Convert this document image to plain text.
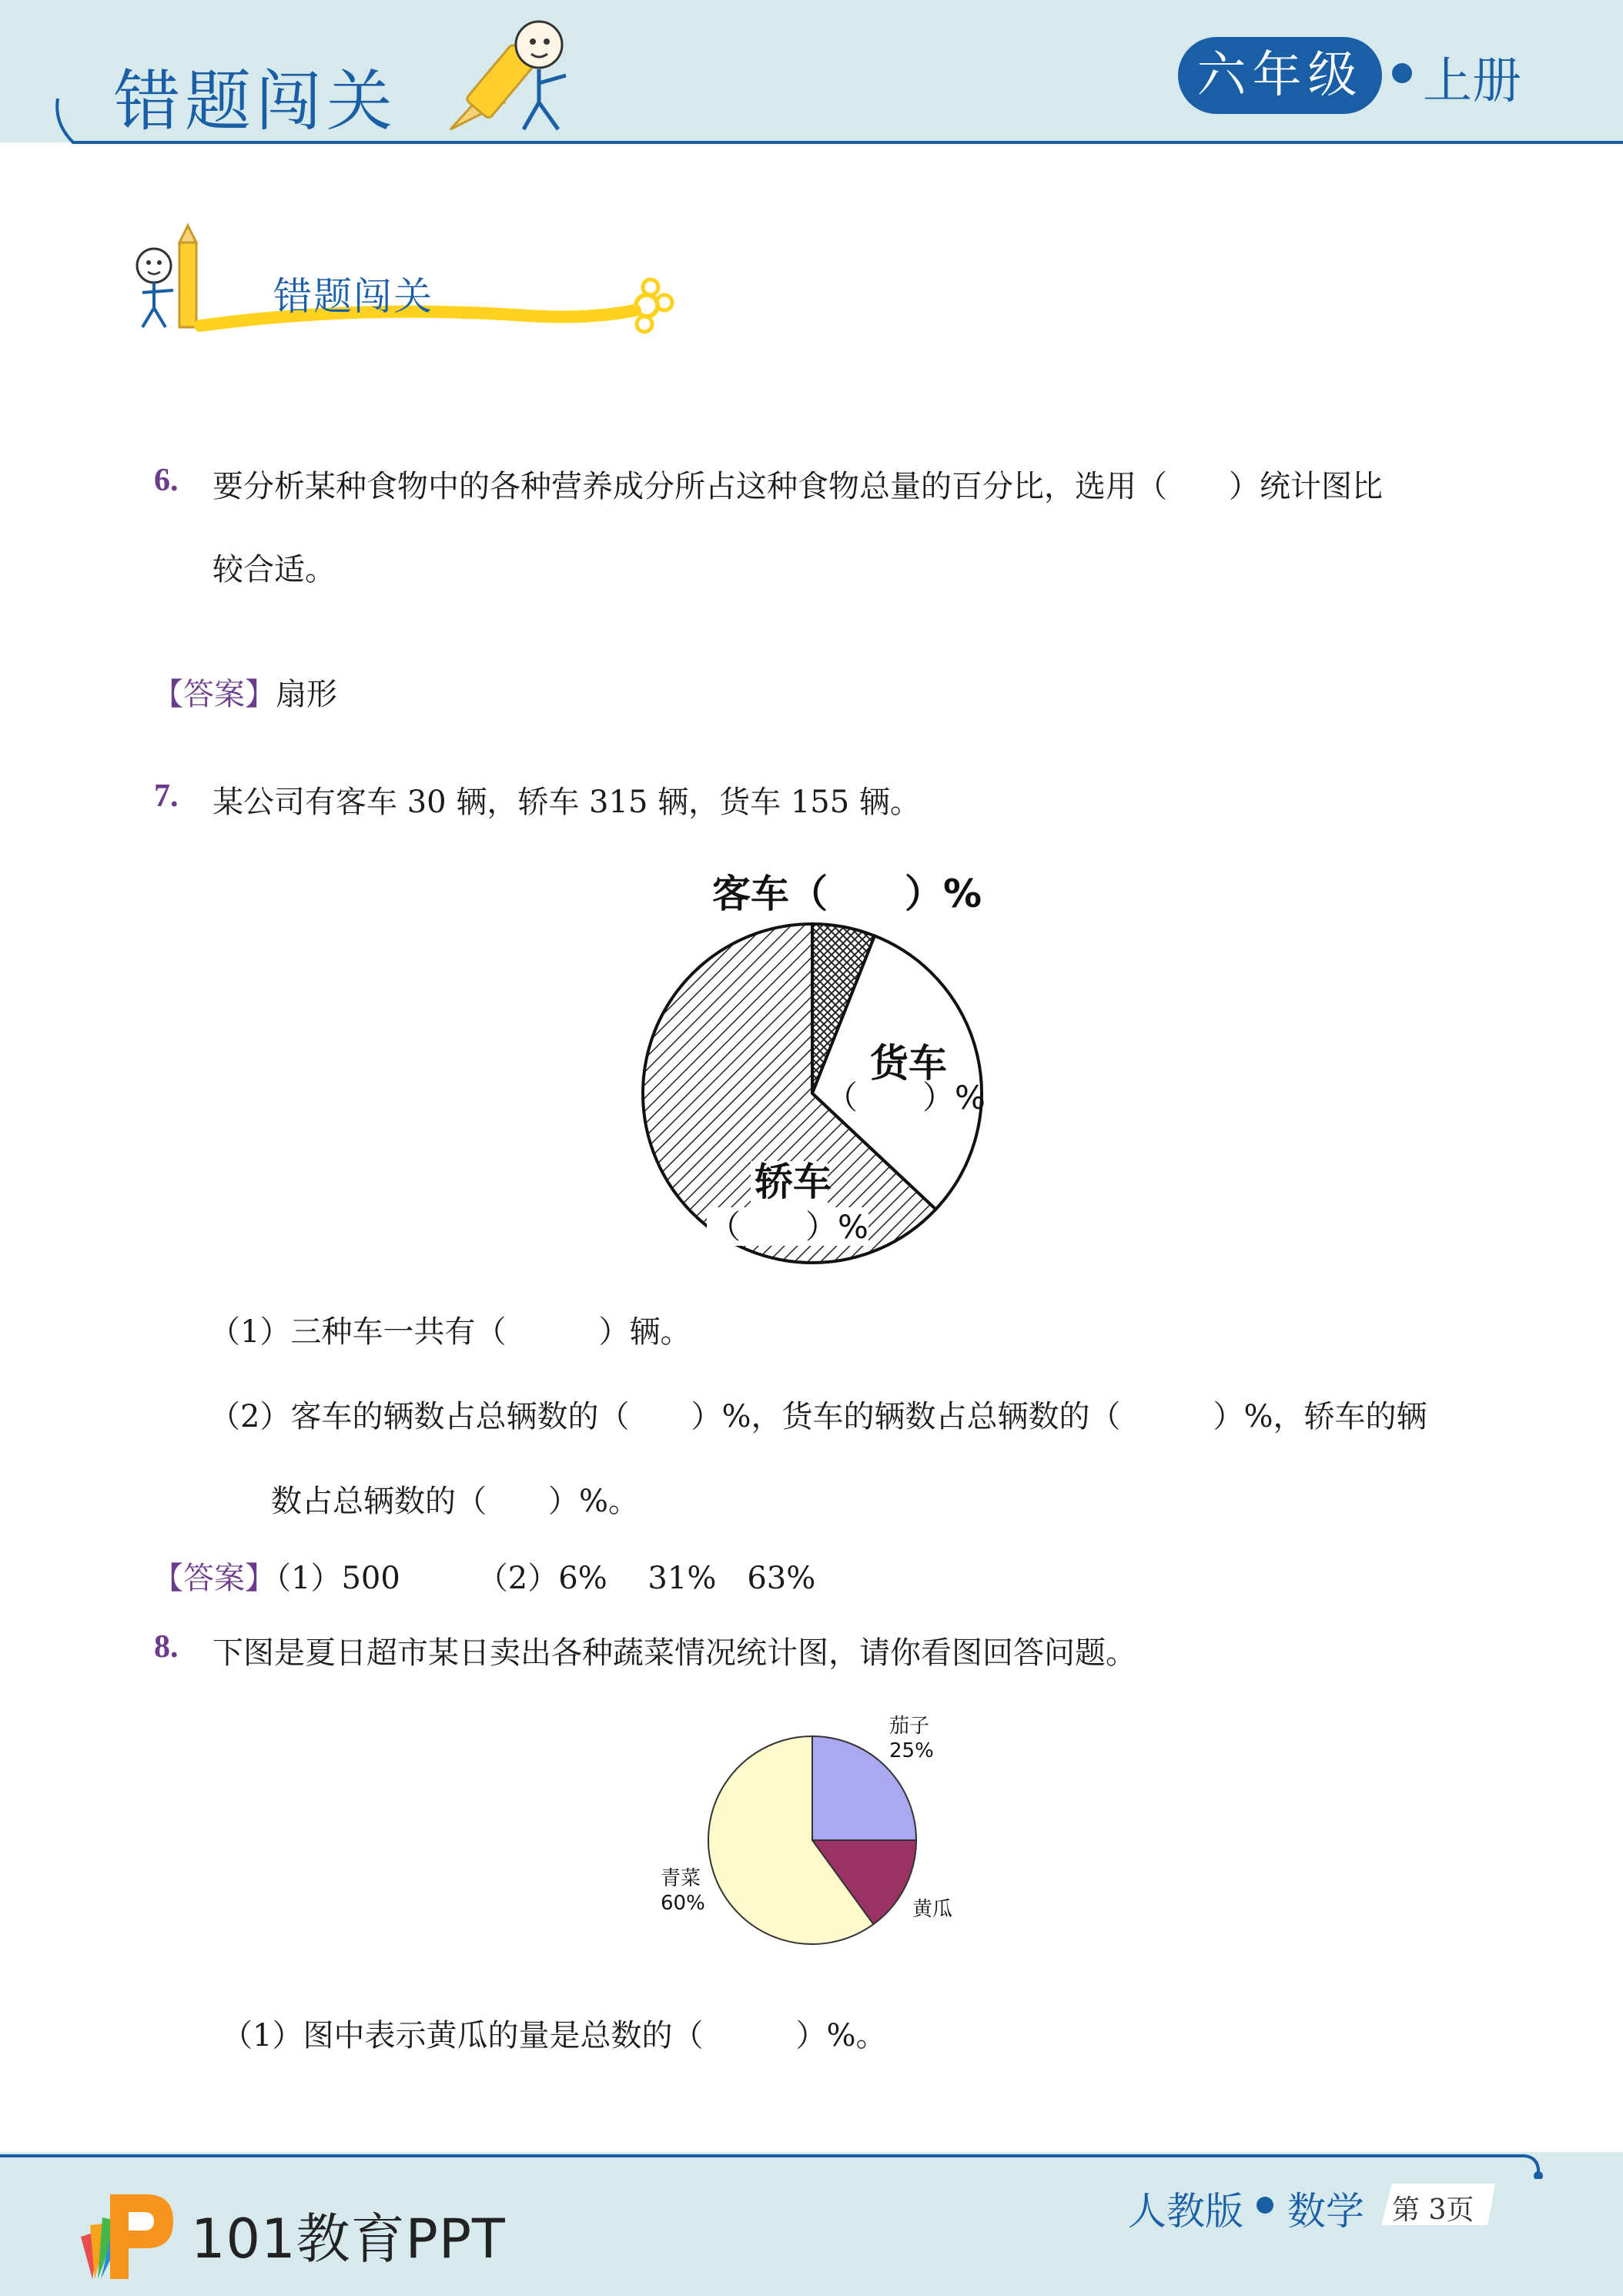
错题闯关	六年级	上册
错题闯关
6. 要分析某种食物中的各种营养成分所占这种食物总量的百分比，选用（　　）统计图比
较合适。
【答案】扇形
7. 某公司有客车 30 辆，轿车 315 辆，货车 155 辆。
客车（　　）%
货车
（　　）%
轿车
（　　）%
（1）三种车一共有（　　　）辆。
（2）客车的辆数占总辆数的（　　）%，货车的辆数占总辆数的（　　　）%，轿车的辆
数占总辆数的（　　）%。
【答案】（1）500　　　（2）6%　 31%　63%
8. 下图是夏日超市某日卖出各种蔬菜情况统计图，请你看图回答问题。
茄子
25%
黄瓜
青菜
60%
（1）图中表示黄瓜的量是总数的（　　　）%。
101教育PPT	人教版 数学 第 3页
